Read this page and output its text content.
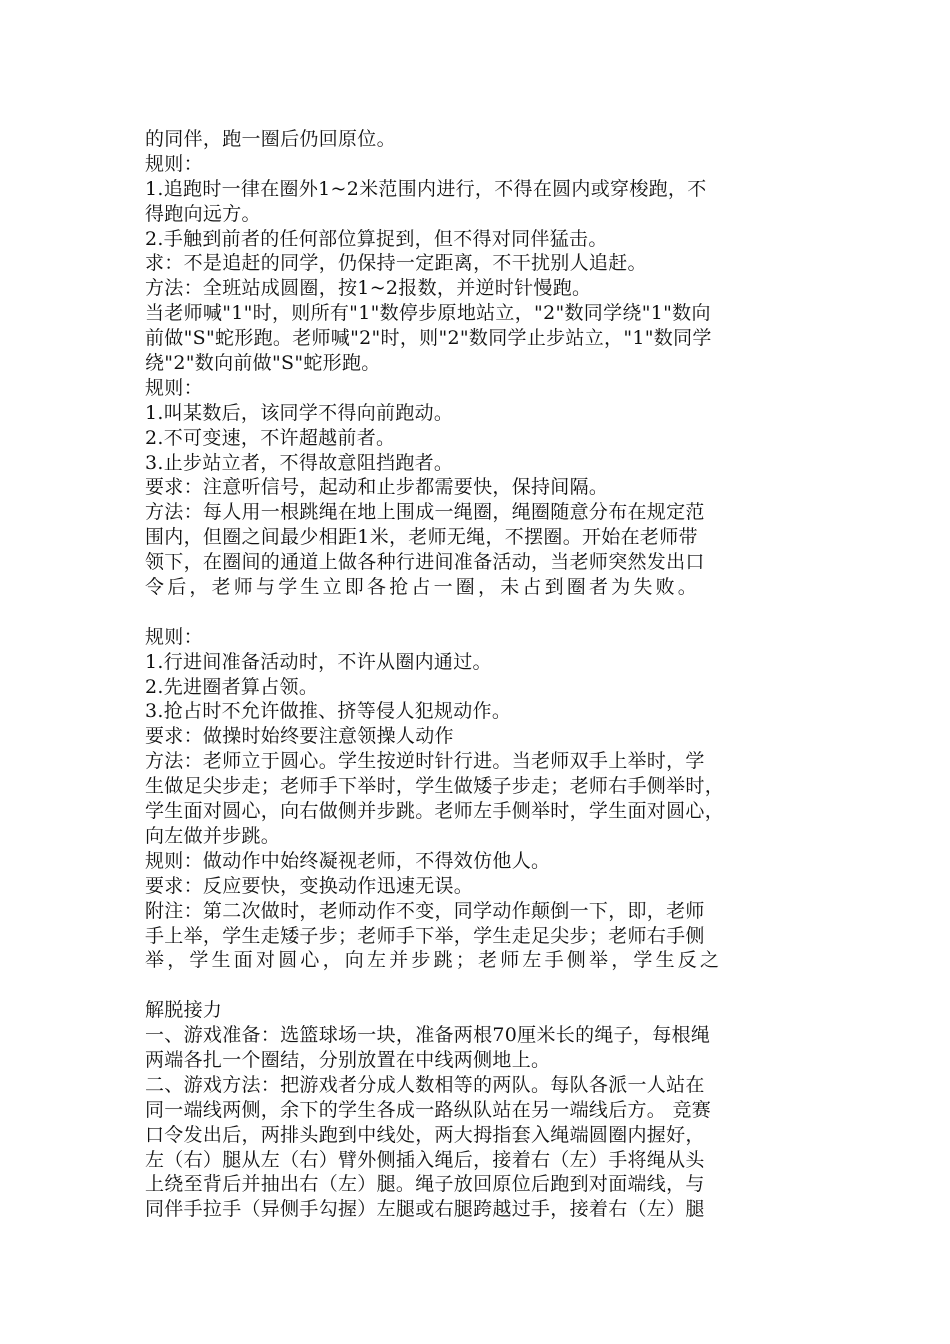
的同伴，跑一圈后仍回原位。
规则：
1.追跑时一律在圈外1~2米范围内进行，不得在圆内或穿梭跑，不
得跑向远方。
2.手触到前者的任何部位算捉到，但不得对同伴猛击。
求：不是追赶的同学，仍保持一定距离，不干扰别人追赶。
方法：全班站成圆圈，按1~2报数，并逆时针慢跑。
当老师喊"1"时，则所有"1"数停步原地站立，"2"数同学绕"1"数向
前做"S"蛇形跑。老师喊"2"时，则"2"数同学止步站立，"1"数同学
绕"2"数向前做"S"蛇形跑。
规则：
1.叫某数后，该同学不得向前跑动。
2.不可变速，不许超越前者。
3.止步站立者，不得故意阻挡跑者。
要求：注意听信号，起动和止步都需要快，保持间隔。
方法：每人用一根跳绳在地上围成一绳圈，绳圈随意分布在规定范
围内，但圈之间最少相距1米，老师无绳，不摆圈。开始在老师带
领下，在圈间的通道上做各种行进间准备活动，当老师突然发出口
令后，老师与学生立即各抢占一圈，未占到圈者为失败。
规则：
1.行进间准备活动时，不许从圈内通过。
2.先进圈者算占领。
3.抢占时不允许做推、挤等侵人犯规动作。
要求：做操时始终要注意领操人动作
方法：老师立于圆心。学生按逆时针行进。当老师双手上举时，学
生做足尖步走；老师手下举时，学生做矮子步走；老师右手侧举时，
学生面对圆心，向右做侧并步跳。老师左手侧举时，学生面对圆心，
向左做并步跳。
规则：做动作中始终凝视老师，不得效仿他人。
要求：反应要快，变换动作迅速无误。
附注：第二次做时，老师动作不变，同学动作颠倒一下，即，老师
手上举，学生走矮子步；老师手下举，学生走足尖步；老师右手侧
举，学生面对圆心，向左并步跳；老师左手侧举，学生反之
解脱接力
一、游戏准备：选篮球场一块，准备两根70厘米长的绳子，每根绳
两端各扎一个圈结，分别放置在中线两侧地上。
二、游戏方法：把游戏者分成人数相等的两队。每队各派一人站在
同一端线两侧，余下的学生各成一路纵队站在另一端线后方。 竞赛
口令发出后，两排头跑到中线处，两大拇指套入绳端圆圈内握好，
左（右）腿从左（右）臂外侧插入绳后，接着右（左）手将绳从头
上绕至背后并抽出右（左）腿。绳子放回原位后跑到对面端线，与
同伴手拉手（异侧手勾握）左腿或右腿跨越过手，接着右（左）腿
